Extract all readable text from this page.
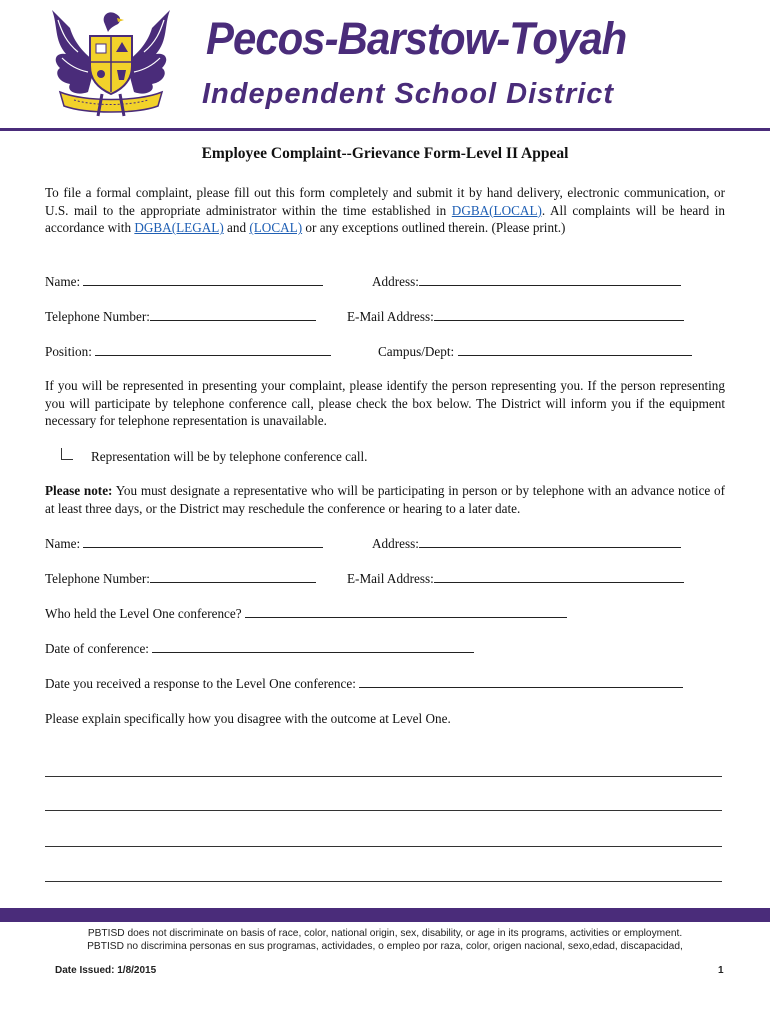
Pecos-Barstow-Toyah
Independent School District
Employee Complaint--Grievance Form-Level II Appeal
To file a formal complaint, please fill out this form completely and submit it by hand delivery, electronic communication, or U.S. mail to the appropriate administrator within the time established in DGBA(LOCAL). All complaints will be heard in accordance with DGBA(LEGAL) and (LOCAL) or any exceptions outlined therein. (Please print.)
Name:	Address:
Telephone Number:	E-Mail Address:
Position:	Campus/Dept:
If you will be represented in presenting your complaint, please identify the person representing you. If the person representing you will participate by telephone conference call, please check the box below. The District will inform you if the equipment necessary for telephone representation is unavailable.
Representation will be by telephone conference call.
Please note: You must designate a representative who will be participating in person or by telephone with an advance notice of at least three days, or the District may reschedule the conference or hearing to a later date.
Name:	Address:
Telephone Number:	E-Mail Address:
Who held the Level One conference?
Date of conference:
Date you received a response to the Level One conference:
Please explain specifically how you disagree with the outcome at Level One.
PBTISD does not discriminate on basis of race, color, national origin, sex, disability, or age in its programs, activities or employment.
PBTISD no discrimina personas en sus programas, actividades, o empleo por raza, color, origen nacional, sexo,edad, discapacidad,
Date Issued: 1/8/2015	1
